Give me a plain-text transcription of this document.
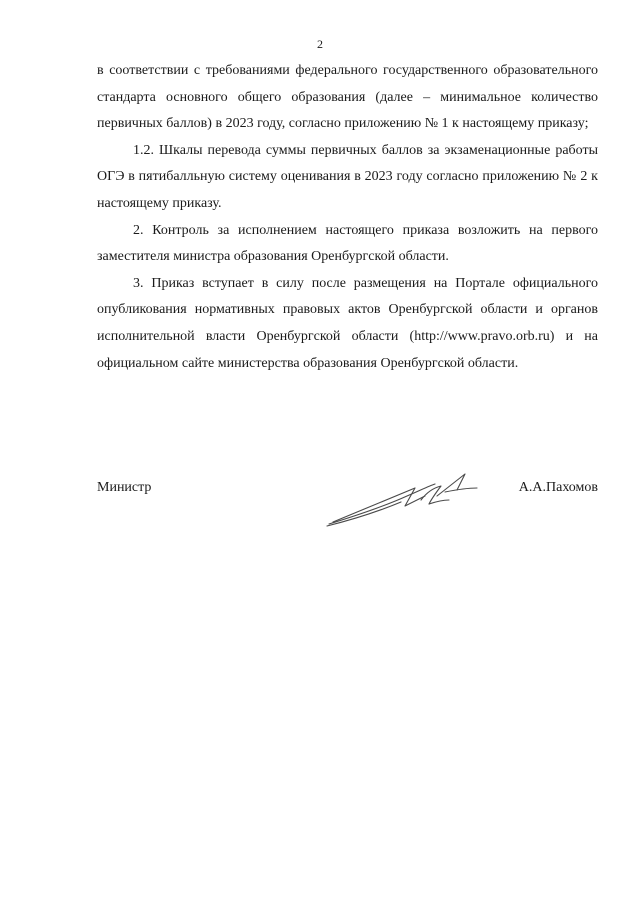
2

в соответствии с требованиями федерального государственного образовательного стандарта основного общего образования (далее – минимальное количество первичных баллов) в 2023 году, согласно приложению № 1 к настоящему приказу;

1.2. Шкалы перевода суммы первичных баллов за экзаменационные работы ОГЭ в пятибалльную систему оценивания в 2023 году согласно приложению № 2 к настоящему приказу.

2. Контроль за исполнением настоящего приказа возложить на первого заместителя министра образования Оренбургской области.

3. Приказ вступает в силу после размещения на Портале официального опубликования нормативных правовых актов Оренбургской области и органов исполнительной власти Оренбургской области (http://www.pravo.orb.ru) и на официальном сайте министерства образования Оренбургской области.

Министр	А.А.Пахомов
